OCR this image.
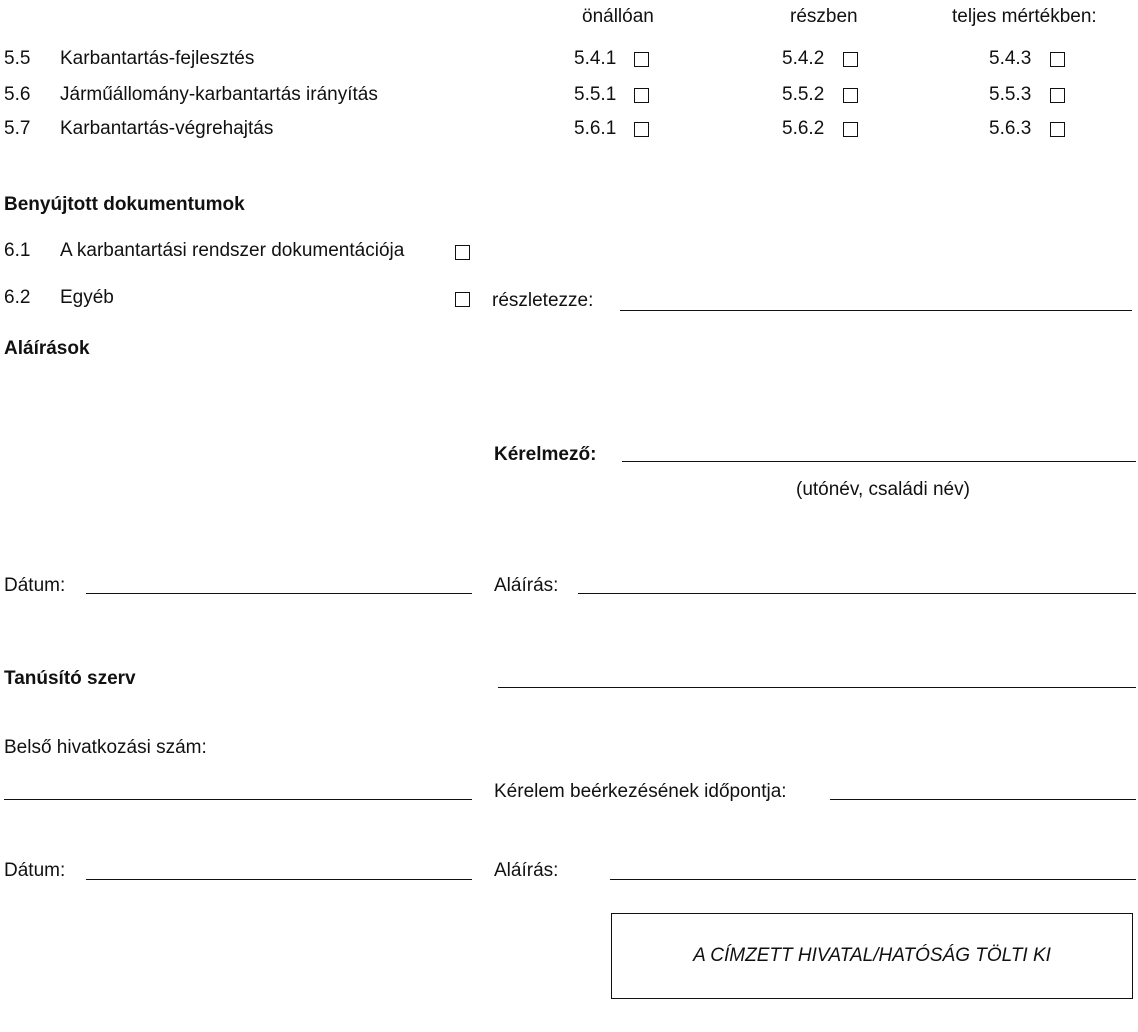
önállóan	részben	teljes mértékben:
5.5 Karbantartás-fejlesztés	5.4.1	5.4.2	5.4.3
5.6 Járműállomány-karbantartás irányítás	5.5.1	5.5.2	5.5.3
5.7 Karbantartás-végrehajtás	5.6.1	5.6.2	5.6.3
Benyújtott dokumentumok
6.1 A karbantartási rendszer dokumentációja
6.2 Egyéb	részletezze:
Aláírások
Kérelmező:
(utónév, családi név)
Dátum:	Aláírás:
Tanúsító szerv
Belső hivatkozási szám:
Kérelem beérkezésének időpontja:
Dátum:	Aláírás:
A CÍMZETT HIVATAL/HATÓSÁG TÖLTI KI
